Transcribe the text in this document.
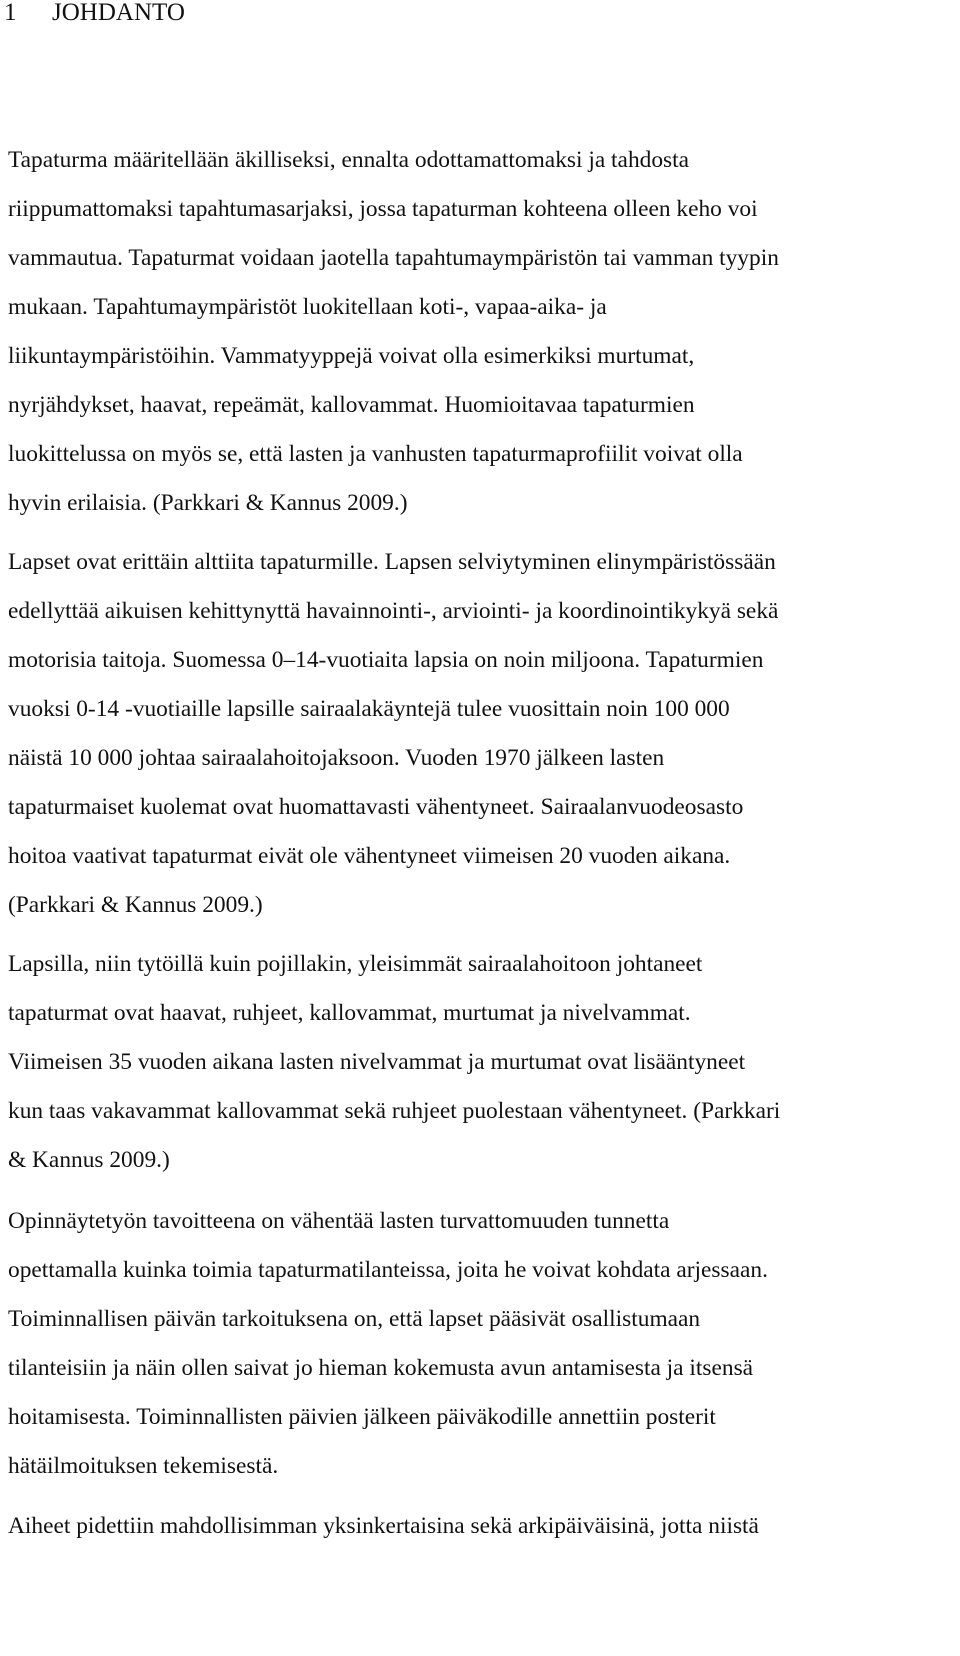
1 JOHDANTO

Tapaturma määritellään äkilliseksi, ennalta odottamattomaksi ja tahdosta
riippumattomaksi tapahtumasarjaksi, jossa tapaturman kohteena olleen keho voi
vammautua. Tapaturmat voidaan jaotella tapahtumaympäristön tai vamman tyypin
mukaan. Tapahtumaympäristöt luokitellaan koti-, vapaa-aika- ja
liikuntaympäristöihin. Vammatyyppejä voivat olla esimerkiksi murtumat,
nyrjähdykset, haavat, repeämät, kallovammat. Huomioitavaa tapaturmien
luokittelussa on myös se, että lasten ja vanhusten tapaturmaprofiilit voivat olla
hyvin erilaisia. (Parkkari & Kannus 2009.)

Lapset ovat erittäin alttiita tapaturmille. Lapsen selviytyminen elinympäristössään
edellyttää aikuisen kehittynyttä havainnointi-, arviointi- ja koordinointikykyä sekä
motorisia taitoja. Suomessa 0–14-vuotiaita lapsia on noin miljoona. Tapaturmien
vuoksi 0-14 -vuotiaille lapsille sairaalakäyntejä tulee vuosittain noin 100 000
näistä 10 000 johtaa sairaalahoitojaksoon. Vuoden 1970 jälkeen lasten
tapaturmaiset kuolemat ovat huomattavasti vähentyneet. Sairaalanvuodeosasto
hoitoa vaativat tapaturmat eivät ole vähentyneet viimeisen 20 vuoden aikana.
(Parkkari & Kannus 2009.)

Lapsilla, niin tytöillä kuin pojillakin, yleisimmät sairaalahoitoon johtaneet
tapaturmat ovat haavat, ruhjeet, kallovammat, murtumat ja nivelvammat.
Viimeisen 35 vuoden aikana lasten nivelvammat ja murtumat ovat lisääntyneet
kun taas vakavammat kallovammat sekä ruhjeet puolestaan vähentyneet. (Parkkari
& Kannus 2009.)

Opinnäytetyön tavoitteena on vähentää lasten turvattomuuden tunnetta
opettamalla kuinka toimia tapaturmatilanteissa, joita he voivat kohdata arjessaan.
Toiminnallisen päivän tarkoituksena on, että lapset pääsivät osallistumaan
tilanteisiin ja näin ollen saivat jo hieman kokemusta avun antamisesta ja itsensä
hoitamisesta. Toiminnallisten päivien jälkeen päiväkodille annettiin posterit
hätäilmoituksen tekemisestä.

Aiheet pidettiin mahdollisimman yksinkertaisina sekä arkipäiväisinä, jotta niistä
